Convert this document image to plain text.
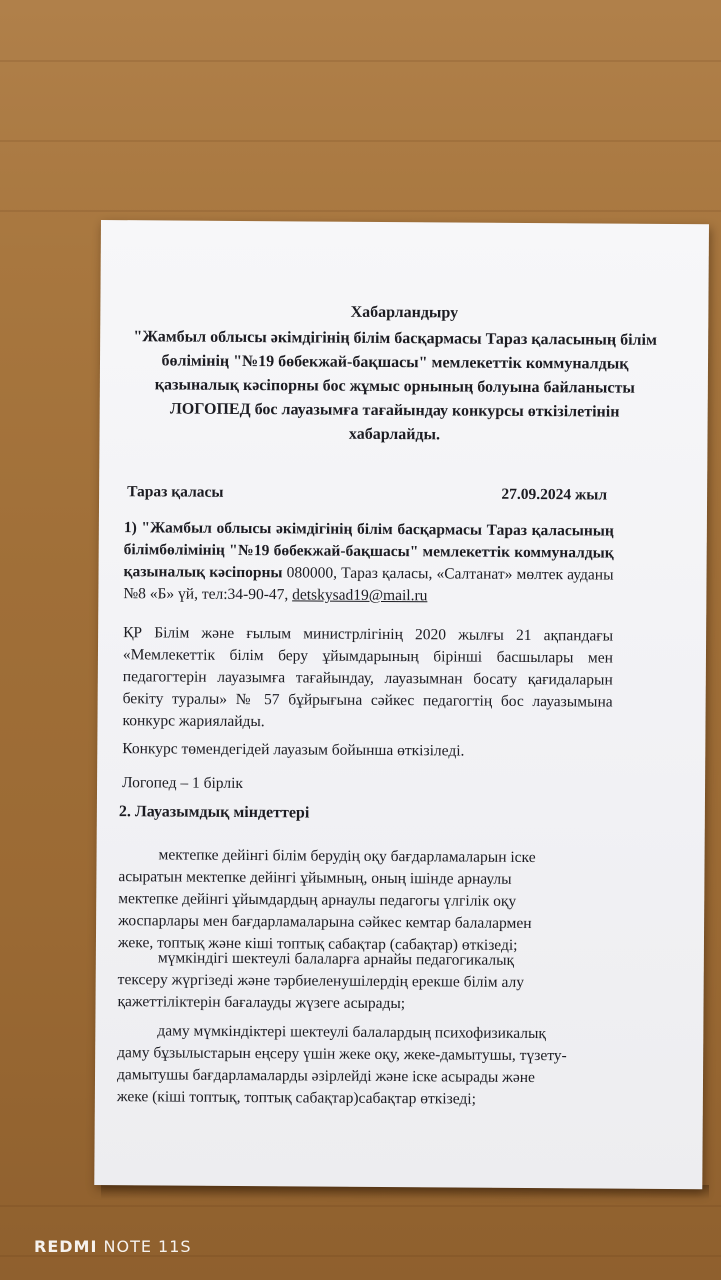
Хабарландыру

"Жамбыл облысы әкімдігінің білім басқармасы Тараз қаласының білім бөлімінің "№19 бөбекжай-бақшасы" мемлекеттік коммуналдық қазыналық кәсіпорны бос жұмыс орнының болуына байланысты ЛОГОПЕД бос лауазымға тағайындау конкурсы өткізілетінін хабарлайды.

Тараз қаласы	27.09.2024 жыл

1) "Жамбыл облысы әкімдігінің білім басқармасы Тараз қаласының білімбөлімінің "№19 бөбекжай-бақшасы" мемлекеттік коммуналдық қазыналық кәсіпорны 080000, Тараз қаласы, «Салтанат» мөлтек ауданы №8 «Б» үй, тел:34-90-47, detskysad19@mail.ru

ҚР Білім және ғылым министрлігінің 2020 жылғы 21 ақпандағы «Мемлекеттік білім беру ұйымдарының бірінші басшылары мен педагогтерін лауазымға тағайындау, лауазымнан босату қағидаларын бекіту туралы» № 57 бұйрығына сәйкес педагогтің бос лауазымына конкурс жариялайды.

Конкурс төмендегідей лауазым бойынша өткізіледі.

Логопед – 1 бірлік

2. Лауазымдық міндеттері

мектепке дейінгі білім берудің оқу бағдарламаларын іске асыратын мектепке дейінгі ұйымның, оның ішінде арнаулы мектепке дейінгі ұйымдардың арнаулы педагогы үлгілік оқу жоспарлары мен бағдарламаларына сәйкес кемтар балалармен жеке, топтық және кіші топтық сабақтар (сабақтар) өткізеді;

мүмкіндігі шектеулі балаларға арнайы педагогикалық тексеру жүргізеді және тәрбиеленушілердің ерекше білім алу қажеттіліктерін бағалауды жүзеге асырады;

даму мүмкіндіктері шектеулі балалардың психофизикалық даму бұзылыстарын еңсеру үшін жеке оқу, жеке-дамытушы, түзету-дамытушы бағдарламаларды әзірлейді және іске асырады және жеке (кіші топтық, топтық сабақтар)сабақтар өткізеді;

REDMI NOTE 11S
